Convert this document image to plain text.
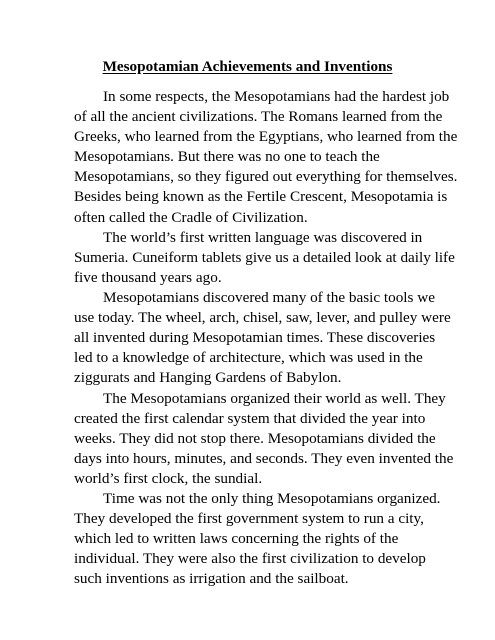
Mesopotamian Achievements and Inventions

In some respects, the Mesopotamians had the hardest job
of all the ancient civilizations. The Romans learned from the
Greeks, who learned from the Egyptians, who learned from the
Mesopotamians. But there was no one to teach the
Mesopotamians, so they figured out everything for themselves.
Besides being known as the Fertile Crescent, Mesopotamia is
often called the Cradle of Civilization.

The world’s first written language was discovered in
Sumeria. Cuneiform tablets give us a detailed look at daily life
five thousand years ago.

Mesopotamians discovered many of the basic tools we
use today. The wheel, arch, chisel, saw, lever, and pulley were
all invented during Mesopotamian times. These discoveries
led to a knowledge of architecture, which was used in the
ziggurats and Hanging Gardens of Babylon.

The Mesopotamians organized their world as well. They
created the first calendar system that divided the year into
weeks. They did not stop there. Mesopotamians divided the
days into hours, minutes, and seconds. They even invented the
world’s first clock, the sundial.

Time was not the only thing Mesopotamians organized.
They developed the first government system to run a city,
which led to written laws concerning the rights of the
individual. They were also the first civilization to develop
such inventions as irrigation and the sailboat.
